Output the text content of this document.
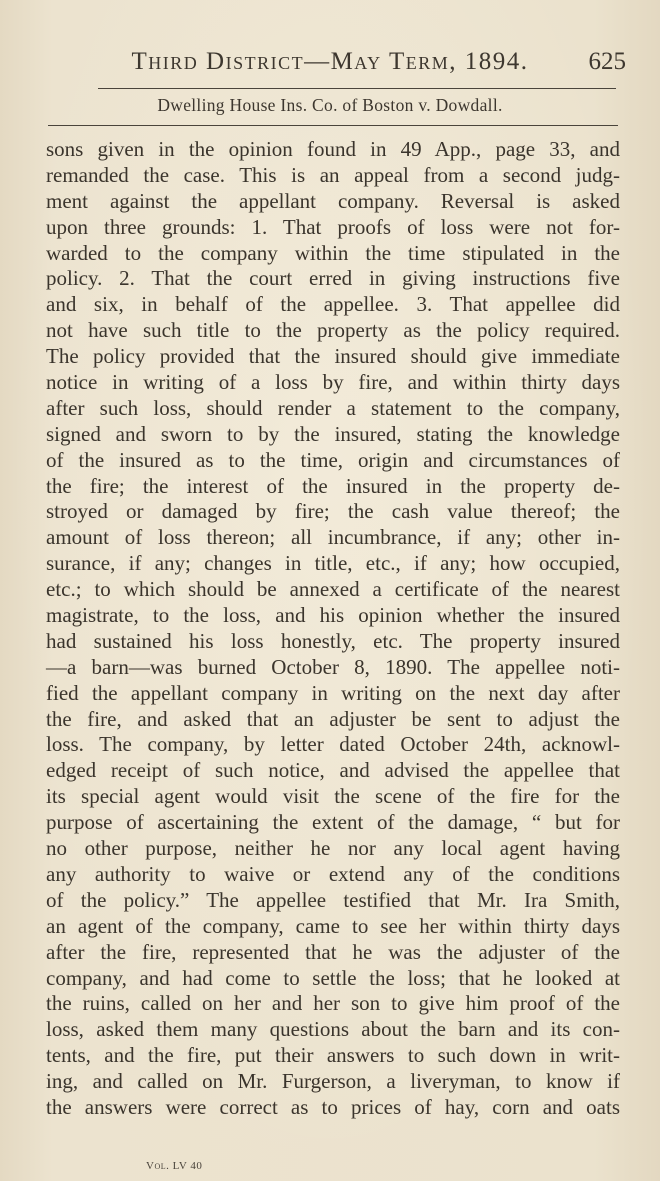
Third District—May Term, 1894.	625
Dwelling House Ins. Co. of Boston v. Dowdall.
sons given in the opinion found in 49 App., page 33, and
remanded the case. This is an appeal from a second judg-
ment against the appellant company. Reversal is asked
upon three grounds: 1. That proofs of loss were not for-
warded to the company within the time stipulated in the
policy. 2. That the court erred in giving instructions five
and six, in behalf of the appellee. 3. That appellee did
not have such title to the property as the policy required.
The policy provided that the insured should give immediate
notice in writing of a loss by fire, and within thirty days
after such loss, should render a statement to the company,
signed and sworn to by the insured, stating the knowledge
of the insured as to the time, origin and circumstances of
the fire; the interest of the insured in the property de-
stroyed or damaged by fire; the cash value thereof; the
amount of loss thereon; all incumbrance, if any; other in-
surance, if any; changes in title, etc., if any; how occupied,
etc.; to which should be annexed a certificate of the nearest
magistrate, to the loss, and his opinion whether the insured
had sustained his loss honestly, etc. The property insured
—a barn—was burned October 8, 1890. The appellee noti-
fied the appellant company in writing on the next day after
the fire, and asked that an adjuster be sent to adjust the
loss. The company, by letter dated October 24th, acknowl-
edged receipt of such notice, and advised the appellee that
its special agent would visit the scene of the fire for the
purpose of ascertaining the extent of the damage, “ but for
no other purpose, neither he nor any local agent having
any authority to waive or extend any of the conditions
of the policy.” The appellee testified that Mr. Ira Smith,
an agent of the company, came to see her within thirty days
after the fire, represented that he was the adjuster of the
company, and had come to settle the loss; that he looked at
the ruins, called on her and her son to give him proof of the
loss, asked them many questions about the barn and its con-
tents, and the fire, put their answers to such down in writ-
ing, and called on Mr. Furgerson, a liveryman, to know if
the answers were correct as to prices of hay, corn and oats
Vol. LV 40
